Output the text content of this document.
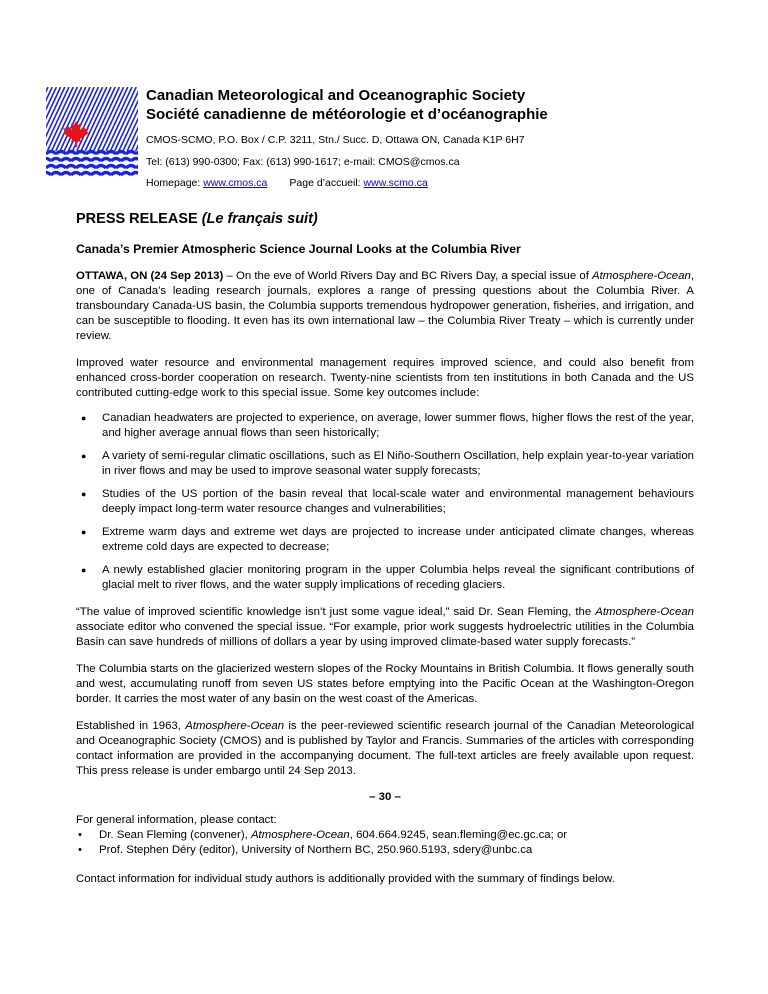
Canadian Meteorological and Oceanographic Society
Société canadienne de météorologie et d’océanographie
CMOS-SCMO, P.O. Box / C.P. 3211, Stn./ Succ. D, Ottawa ON, Canada K1P 6H7
Tel: (613) 990-0300; Fax: (613) 990-1617; e-mail: CMOS@cmos.ca
Homepage: www.cmos.ca Page d’accueil: www.scmo.ca
PRESS RELEASE (Le français suit)
Canada’s Premier Atmospheric Science Journal Looks at the Columbia River

OTTAWA, ON (24 Sep 2013) – On the eve of World Rivers Day and BC Rivers Day, a special issue of Atmosphere-Ocean, one of Canada’s leading research journals, explores a range of pressing questions about the Columbia River. A transboundary Canada-US basin, the Columbia supports tremendous hydropower generation, fisheries, and irrigation, and can be susceptible to flooding. It even has its own international law – the Columbia River Treaty – which is currently under review.

Improved water resource and environmental management requires improved science, and could also benefit from enhanced cross-border cooperation on research. Twenty-nine scientists from ten institutions in both Canada and the US contributed cutting-edge work to this special issue. Some key outcomes include:

● Canadian headwaters are projected to experience, on average, lower summer flows, higher flows the rest of the year, and higher average annual flows than seen historically;
● A variety of semi-regular climatic oscillations, such as El Niño-Southern Oscillation, help explain year-to-year variation in river flows and may be used to improve seasonal water supply forecasts;
● Studies of the US portion of the basin reveal that local-scale water and environmental management behaviours deeply impact long-term water resource changes and vulnerabilities;
● Extreme warm days and extreme wet days are projected to increase under anticipated climate changes, whereas extreme cold days are expected to decrease;
● A newly established glacier monitoring program in the upper Columbia helps reveal the significant contributions of glacial melt to river flows, and the water supply implications of receding glaciers.

“The value of improved scientific knowledge isn’t just some vague ideal,” said Dr. Sean Fleming, the Atmosphere-Ocean associate editor who convened the special issue. “For example, prior work suggests hydroelectric utilities in the Columbia Basin can save hundreds of millions of dollars a year by using improved climate-based water supply forecasts.”

The Columbia starts on the glacierized western slopes of the Rocky Mountains in British Columbia. It flows generally south and west, accumulating runoff from seven US states before emptying into the Pacific Ocean at the Washington-Oregon border. It carries the most water of any basin on the west coast of the Americas.

Established in 1963, Atmosphere-Ocean is the peer-reviewed scientific research journal of the Canadian Meteorological and Oceanographic Society (CMOS) and is published by Taylor and Francis. Summaries of the articles with corresponding contact information are provided in the accompanying document. The full-text articles are freely available upon request. This press release is under embargo until 24 Sep 2013.

– 30 –

For general information, please contact:

• Dr. Sean Fleming (convener), Atmosphere-Ocean, 604.664.9245, sean.fleming@ec.gc.ca; or
• Prof. Stephen Déry (editor), University of Northern BC, 250.960.5193, sdery@unbc.ca

Contact information for individual study authors is additionally provided with the summary of findings below.
